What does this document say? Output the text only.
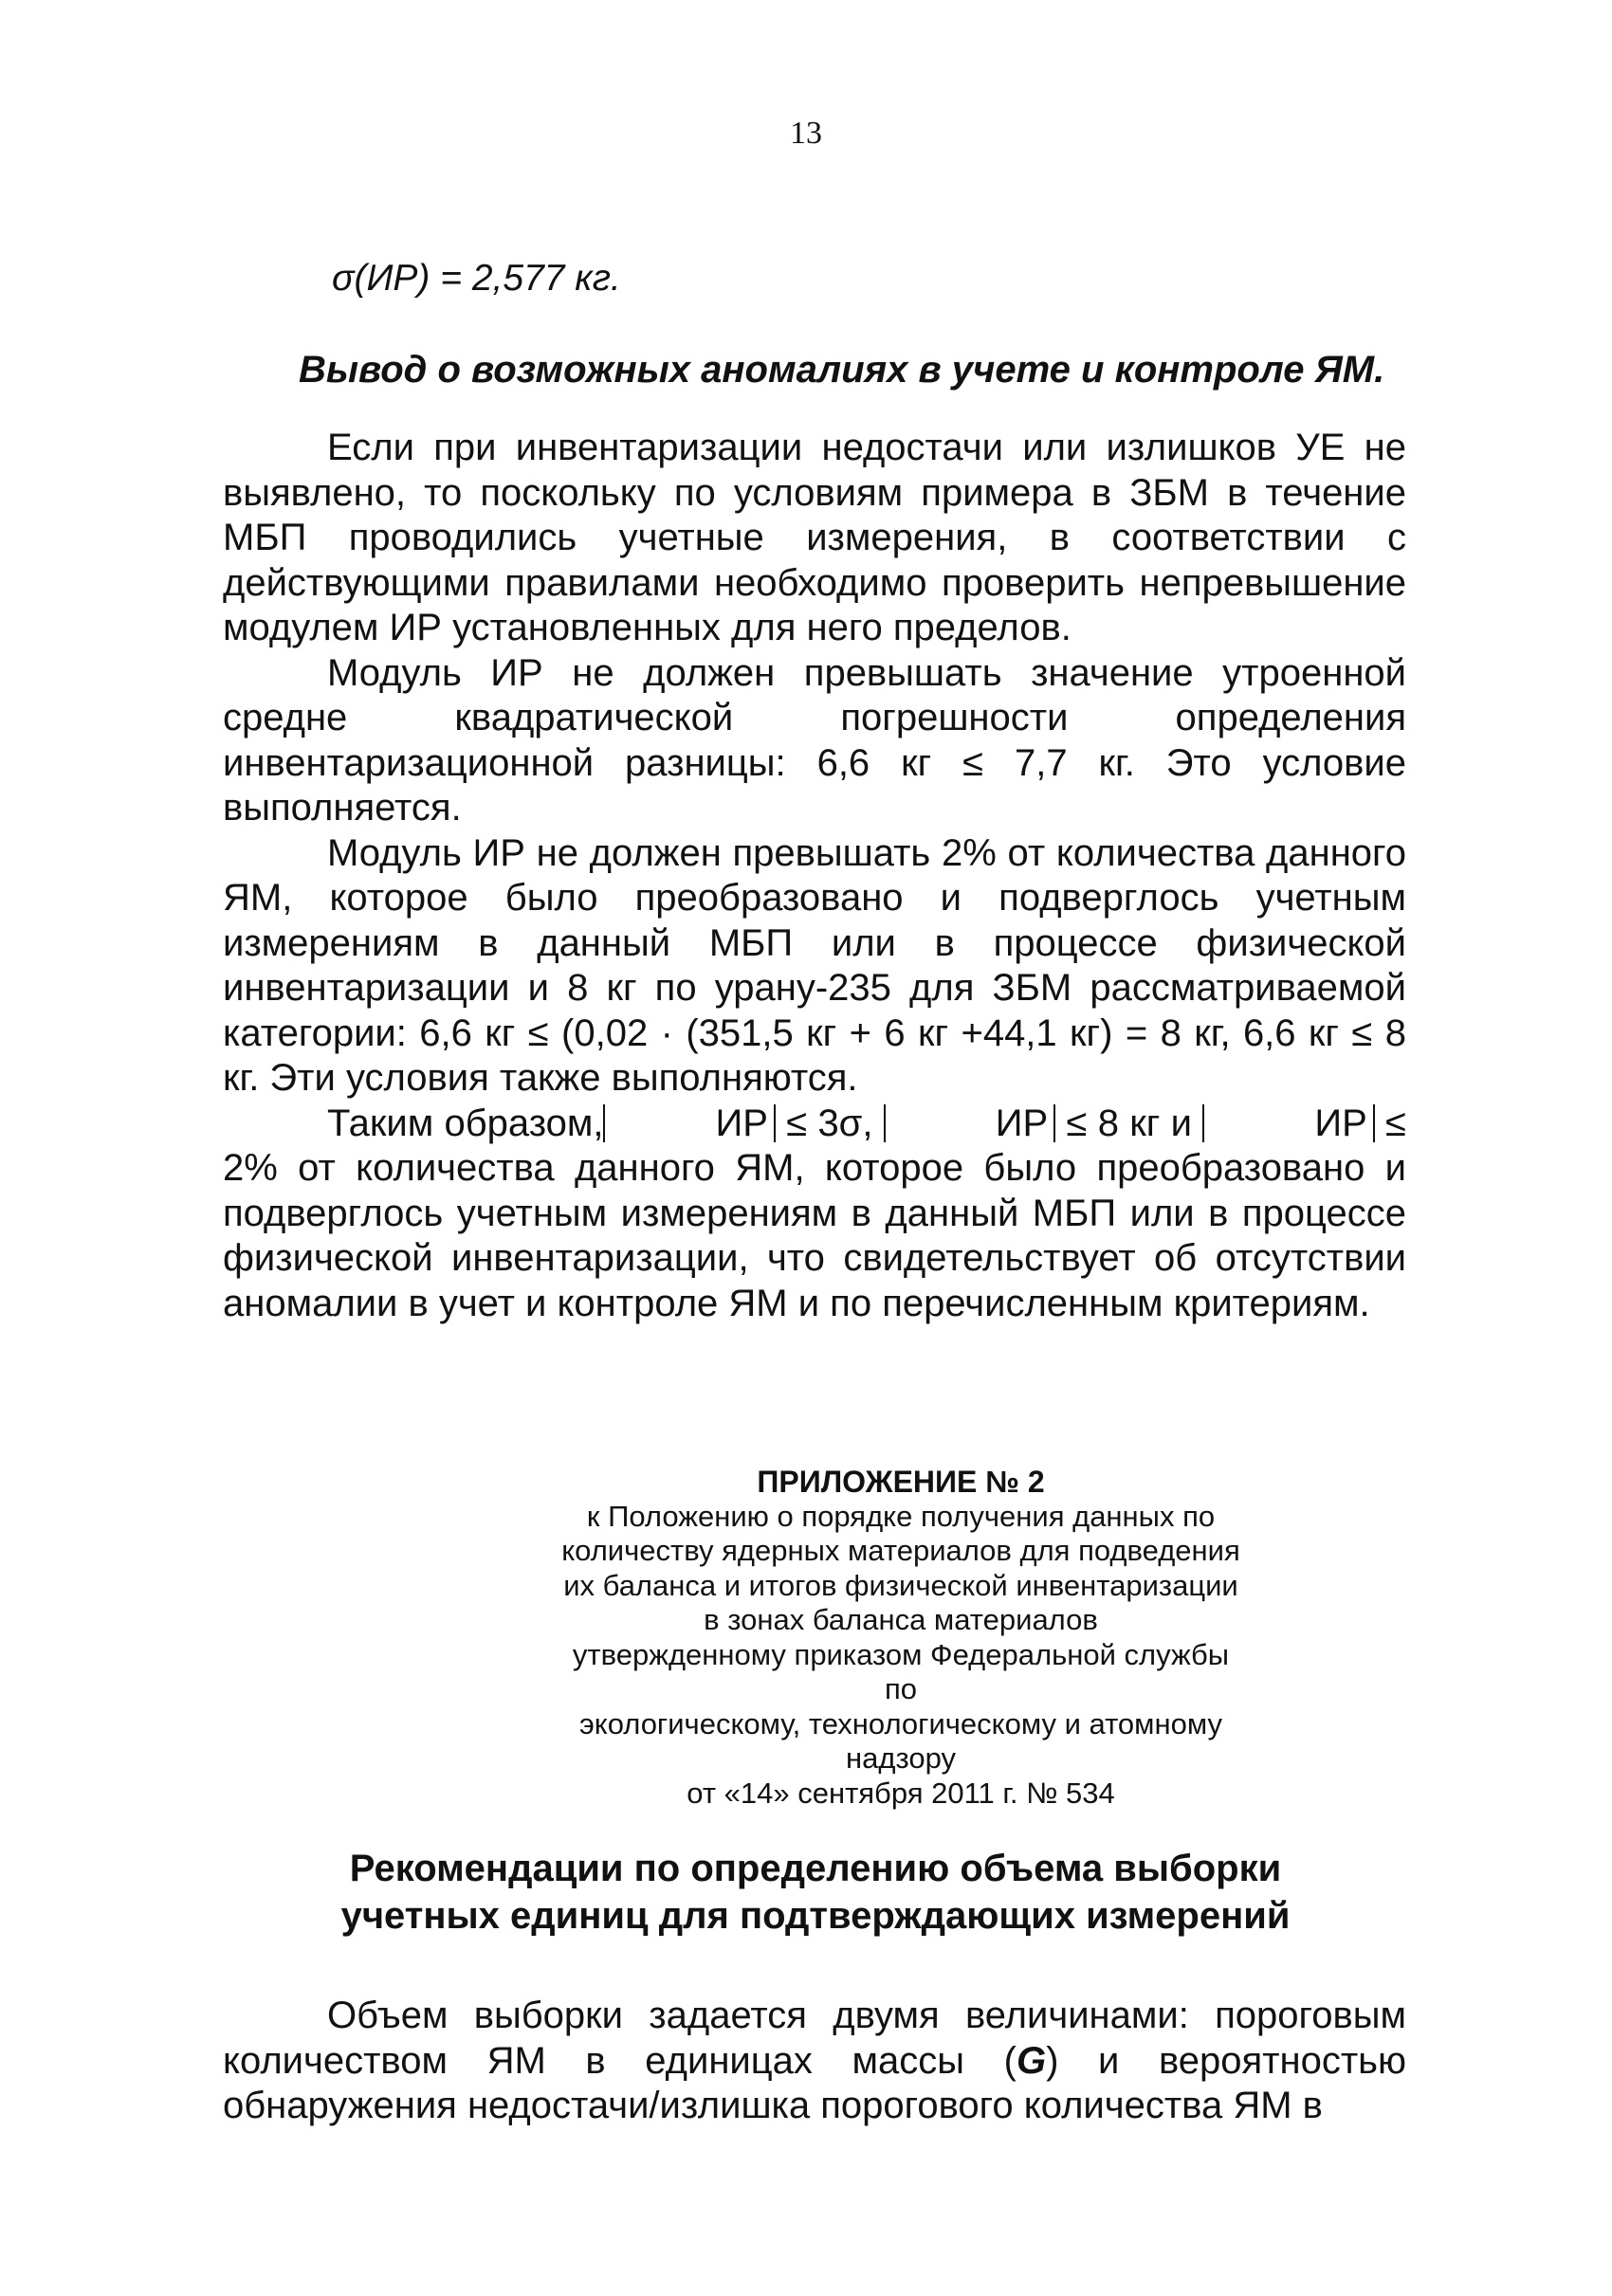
13
σ(ИР) = 2,577 кг.
Вывод о возможных аномалиях в учете и контроле ЯМ.

Если при инвентаризации недостачи или излишков УЕ не выявлено, то поскольку по условиям примера в ЗБМ в течение МБП проводились учетные измерения, в соответствии с действующими правилами необходимо проверить непревышение модулем ИР установленных для него пределов.

Модуль ИР не должен превышать значение утроенной средне квадратической погрешности определения инвентаризационной разницы: 6,6 кг ≤ 7,7 кг. Это условие выполняется.

Модуль ИР не должен превышать 2% от количества данного ЯМ, которое было преобразовано и подверглось учетным измерениям в данный МБП или в процессе физической инвентаризации и 8 кг по урану-235 для ЗБМ рассматриваемой категории: 6,6 кг ≤ (0,02 · (351,5 кг + 6 кг +44,1 кг) = 8 кг, 6,6 кг ≤ 8 кг. Эти условия также выполняются.

Таким образом,	ИР ≤ 3σ,	ИР ≤ 8 кг и	ИР ≤ 2% от количества данного ЯМ, которое было преобразовано и подверглось учетным измерениям в данный МБП или в процессе физической инвентаризации, что свидетельствует об отсутствии аномалии в учет и контроле ЯМ и по перечисленным критериям.

ПРИЛОЖЕНИЕ № 2
к Положению о порядке получения данных по
количеству ядерных материалов для подведения
их баланса и итогов физической инвентаризации
в зонах баланса материалов
утвержденному приказом Федеральной службы по
экологическому, технологическому и атомному
надзору
от «14» сентября 2011 г. № 534
Рекомендации по определению объема выборки
учетных единиц для подтверждающих измерений

Объем выборки задается двумя величинами: пороговым количеством ЯМ в единицах массы (G) и вероятностью обнаружения недостачи/излишка порогового количества ЯМ в
